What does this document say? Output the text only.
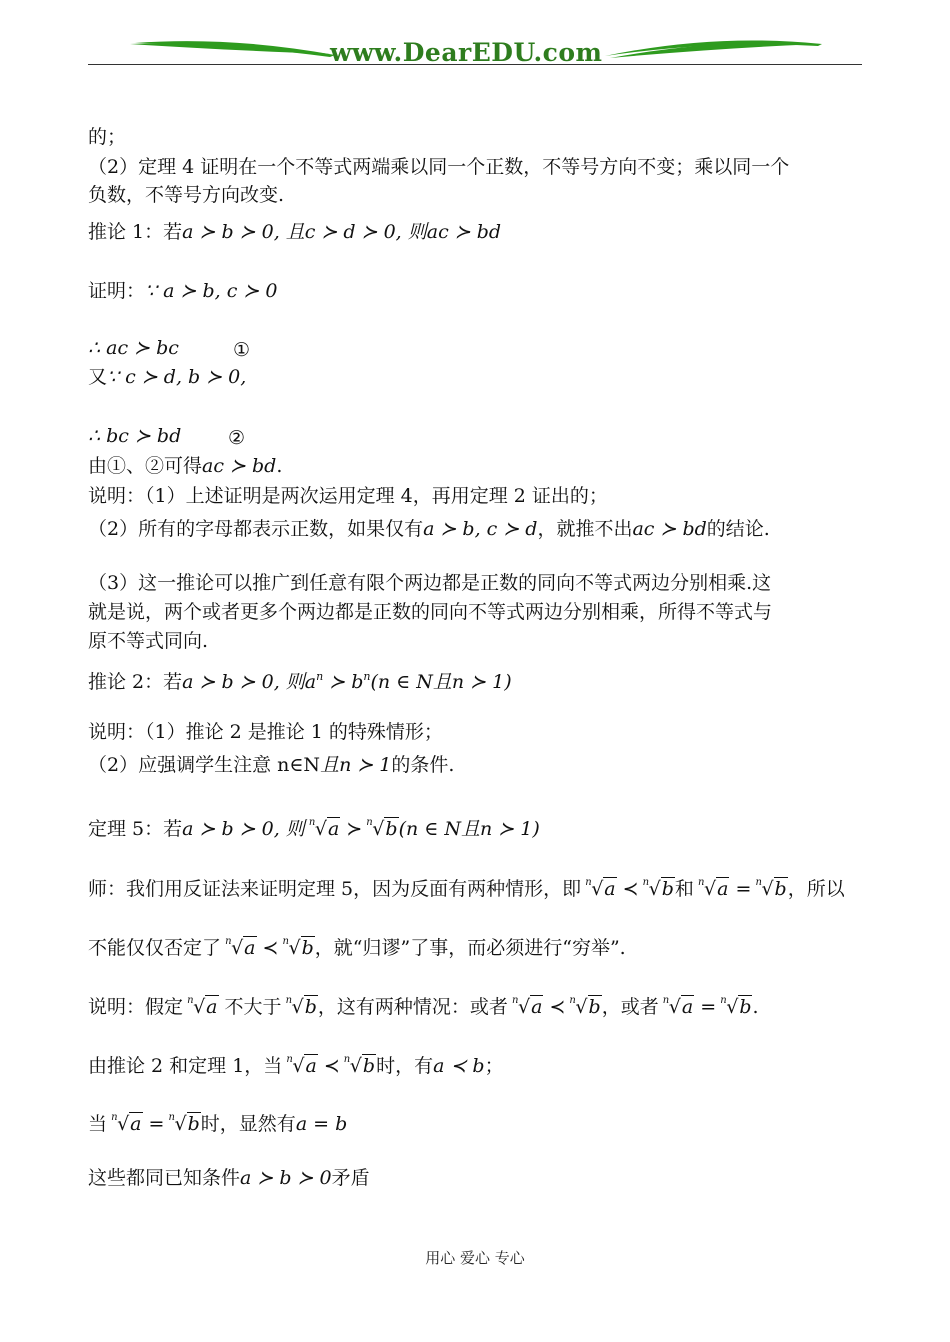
www.DearEDU.com
的；
（2）定理 4 证明在一个不等式两端乘以同一个正数，不等号方向不变；乘以同一个
负数，不等号方向改变.
推论 1：若a ≻ b ≻ 0, 且c ≻ d ≻ 0, 则ac ≻ bd
证明：∵ a ≻ b, c ≻ 0
∴ ac ≻ bc	①
又∵ c ≻ d, b ≻ 0,
∴ bc ≻ bd ②
由①、②可得ac ≻ bd.
说明：（1）上述证明是两次运用定理 4，再用定理 2 证出的；
（2）所有的字母都表示正数，如果仅有a ≻ b, c ≻ d，就推不出ac ≻ bd的结论.
（3）这一推论可以推广到任意有限个两边都是正数的同向不等式两边分别相乘.这
就是说，两个或者更多个两边都是正数的同向不等式两边分别相乘，所得不等式与
原不等式同向.
推论 2：若a ≻ b ≻ 0, 则$a^n$ ≻ $b^n(n$ ∈ N且n ≻ 1)
说明：（1）推论 2 是推论 1 的特殊情形；
（2）应强调学生注意 n∈N且n ≻ 1的条件.
定理 5：若a ≻ b ≻ 0, 则 n √a ≻ n √b(n ∈ N且n ≻ 1)
师：我们用反证法来证明定理 5，因为反面有两种情形，即 n √a ≺ n √b和 n √a = n √b，所以
不能仅仅否定了 n √a ≺ n √b，就“归谬”了事，而必须进行“穷举”.
说明：假定 n √a 不大于 n √b，这有两种情况：或者 n √a ≺ n √b，或者 n √a = n √b.
由推论 2 和定理 1，当 n √a ≺ n √b时，有a ≺ b；
当 n √a = n √b时，显然有a = b
这些都同已知条件a ≻ b ≻ 0矛盾
用心 爱心 专心
